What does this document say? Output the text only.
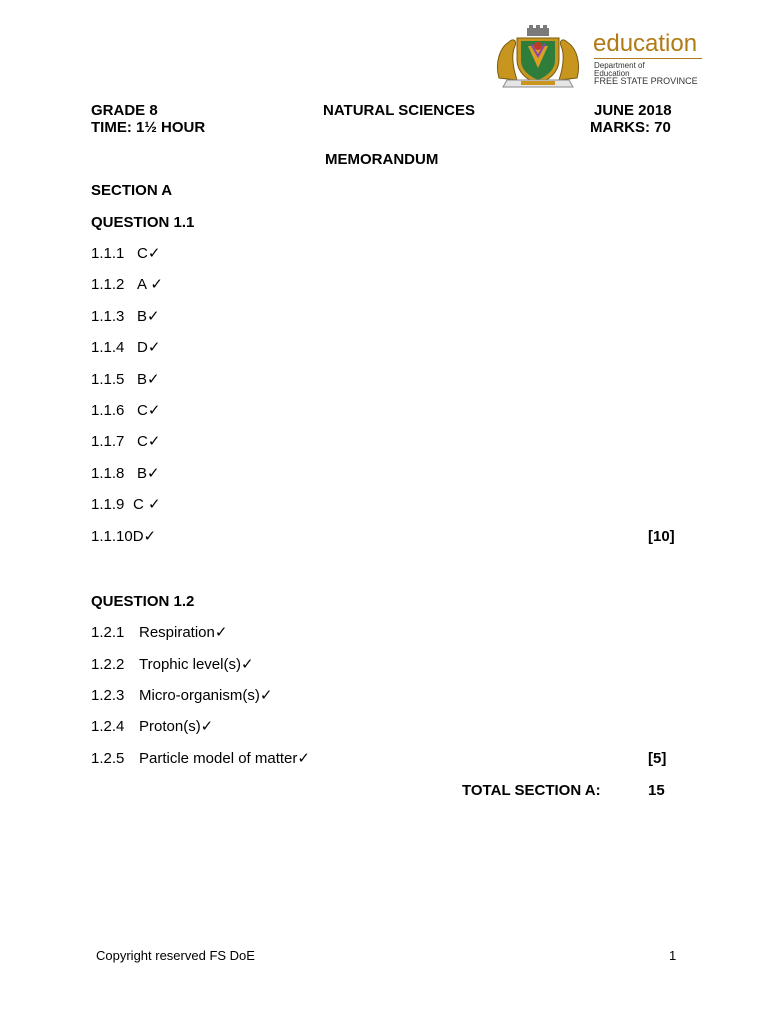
education
Department of
Education
FREE STATE PROVINCE
GRADE 8	NATURAL SCIENCES	JUNE 2018
TIME: 1½ HOUR	MARKS: 70
MEMORANDUM
SECTION A
QUESTION 1.1
1.1.1 C✓
1.1.2 A ✓
1.1.3 B✓
1.1.4 D✓
1.1.5 B✓
1.1.6 C✓
1.1.7 C✓
1.1.8 B✓
1.1.9 C ✓
1.1.10D✓	[10]
QUESTION 1.2
1.2.1 Respiration✓
1.2.2 Trophic level(s)✓
1.2.3 Micro-organism(s)✓
1.2.4 Proton(s)✓
1.2.5 Particle model of matter✓	[5]
TOTAL SECTION A:	15
Copyright reserved FS DoE	1
